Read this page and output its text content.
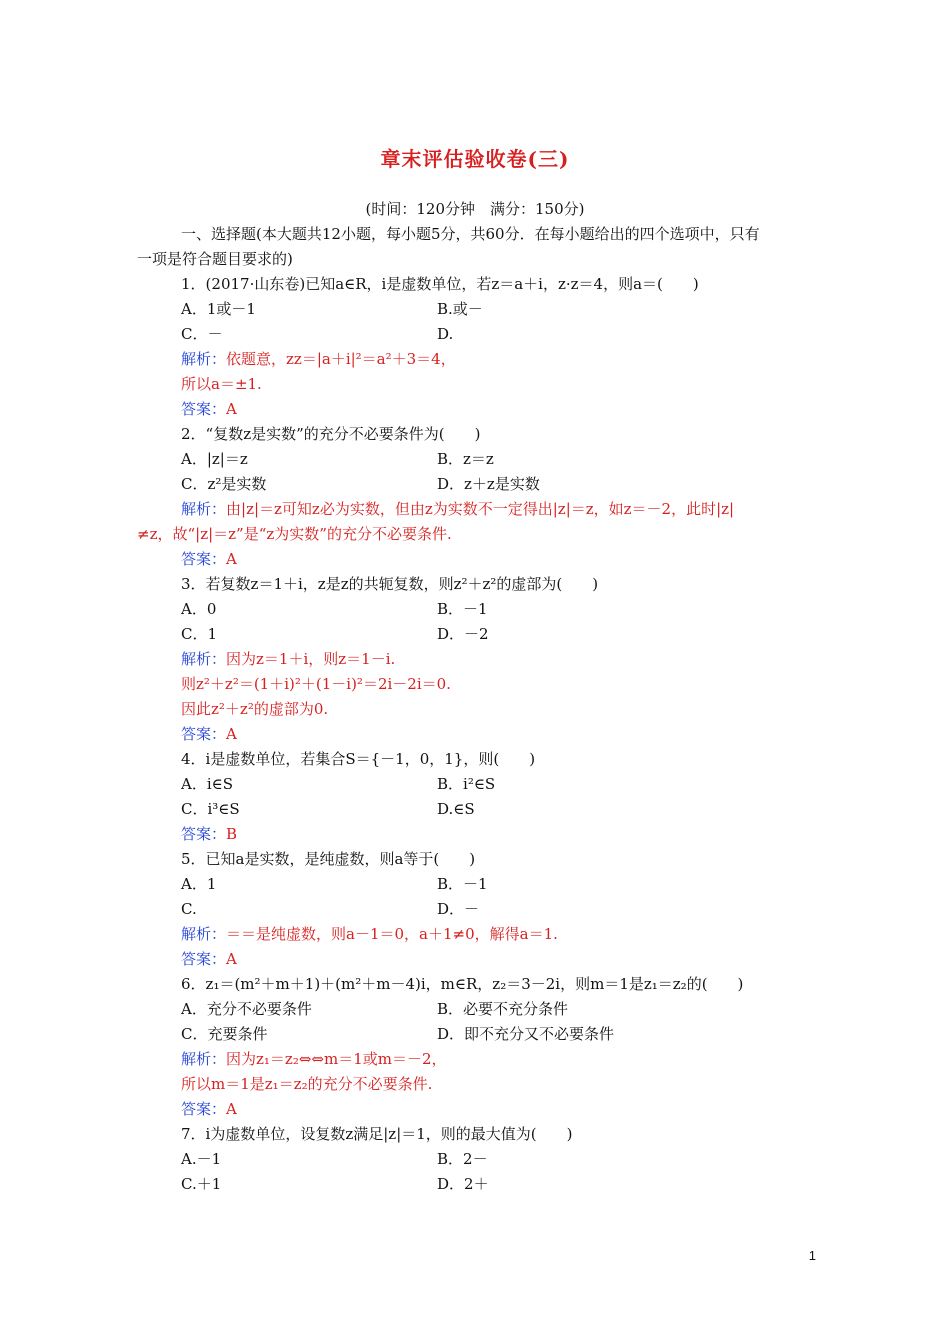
章末评估验收卷(三)
(时间：120分钟　满分：150分)
一、选择题(本大题共12小题，每小题5分，共60分．在每小题给出的四个选项中，只有
一项是符合题目要求的)
1．(2017·山东卷)已知a∈R，i是虚数单位，若z＝a＋i，z·z＝4，则a＝(　　)
A．1或－1	B.或－
C．－	D.
解析：依题意，zz＝|a＋i|²＝a²＋3＝4，
所以a＝±1.
答案：A
2．“复数z是实数”的充分不必要条件为(　　)
A．|z|＝z	B．z＝z
C．z²是实数	D．z＋z是实数
解析：由|z|＝z可知z必为实数，但由z为实数不一定得出|z|＝z，如z＝－2，此时|z|
≠z，故“|z|＝z”是“z为实数”的充分不必要条件.
答案：A
3．若复数z＝1＋i，z是z的共轭复数，则z²＋z²的虚部为(　　)
A．0	B．－1
C．1	D．－2
解析：因为z＝1＋i，则z＝1－i.
则z²＋z²＝(1＋i)²＋(1－i)²＝2i－2i＝0.
因此z²＋z²的虚部为0.
答案：A
4．i是虚数单位，若集合S＝{－1，0，1}，则(　　)
A．i∈S	B．i²∈S
C．i³∈S	D.∈S
答案：B
5．已知a是实数，是纯虚数，则a等于(　　)
A．1	B．－1
C.	D．－
解析：＝＝是纯虚数，则a－1＝0，a＋1≠0，解得a＝1.
答案：A
6．z₁＝(m²＋m＋1)＋(m²＋m－4)i，m∈R，z₂＝3－2i，则m＝1是z₁＝z₂的(　　)
A．充分不必要条件	B．必要不充分条件
C．充要条件	D．即不充分又不必要条件
解析：因为z₁＝z₂⇔⇔m＝1或m＝－2，
所以m＝1是z₁＝z₂的充分不必要条件.
答案：A
7．i为虚数单位，设复数z满足|z|＝1，则的最大值为(　　)
A.－1	B．2－
C.＋1	D．2＋
1
